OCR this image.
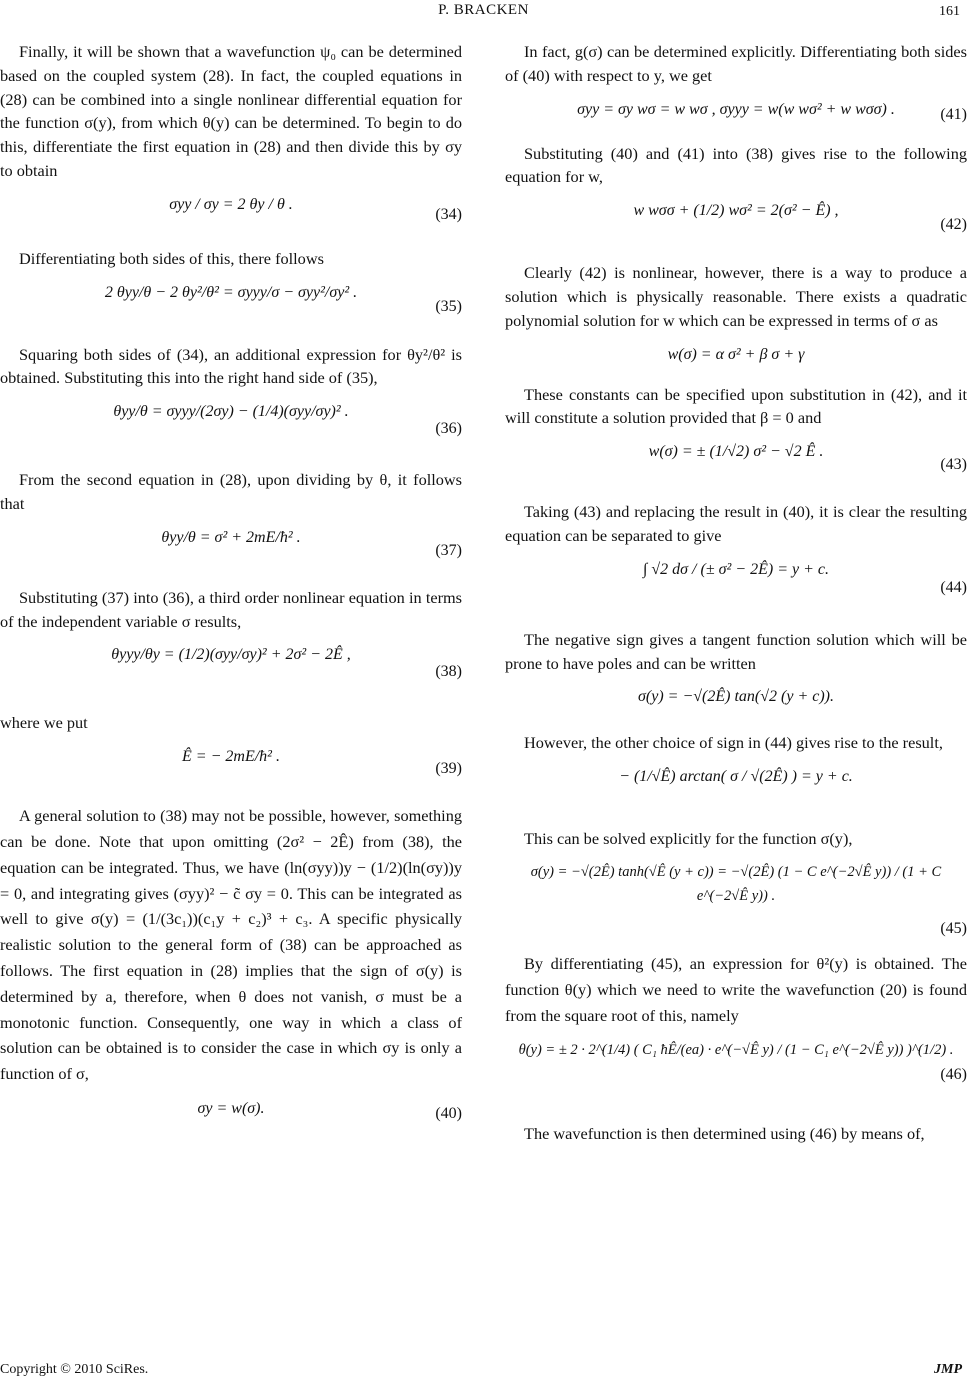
P. BRACKEN	161

Finally, it will be shown that a wavefunction ψ₀ can be determined based on the coupled system (28). In fact, the coupled equations in (28) can be combined into a single nonlinear differential equation for the function σ(y), from which θ(y) can be determined. To begin to do this, differentiate the first equation in (28) and then divide this by σy to obtain

σyy / σy = 2 θy / θ .
(34)

Differentiating both sides of this, there follows

2 θyy/θ − 2 θy²/θ² = σyyy/σ − σyy²/σy² .
(35)

Squaring both sides of (34), an additional expression for θy²/θ² is obtained. Substituting this into the right hand side of (35),

θyy/θ = σyyy/(2σy) − (1/4)(σyy/σy)² .
(36)

From the second equation in (28), upon dividing by θ, it follows that

θyy/θ = σ² + 2mE/ħ² .
(37)

Substituting (37) into (36), a third order nonlinear equation in terms of the independent variable σ results,

θyyy/θy = (1/2)(σyy/σy)² + 2σ² − 2Ê ,
(38)

where we put

Ê = − 2mE/ħ² .
(39)

A general solution to (38) may not be possible, however, something can be done. Note that upon omitting (2σ² − 2Ê) from (38), the equation can be integrated. Thus, we have (ln(σyy))y − (1/2)(ln(σy))y = 0, and integrating gives (σyy)² − c̃ σy = 0. This can be integrated as well to give σ(y) = (1/(3c₁))(c₁y + c₂)³ + c₃. A specific physically realistic solution to the general form of (38) can be approached as follows. The first equation in (28) implies that the sign of σ(y) is determined by a, therefore, when θ does not vanish, σ must be a monotonic function. Consequently, one way in which a class of solution can be obtained is to consider the case in which σy is only a function of σ,

σy = w(σ).	(40)

In fact, g(σ) can be determined explicitly. Differentiating both sides of (40) with respect to y, we get

σyy = σy wσ = w wσ , σyyy = w(w wσ² + w wσσ) .	(41)

Substituting (40) and (41) into (38) gives rise to the following equation for w,

w wσσ + (1/2) wσ² = 2(σ² − Ê) ,
(42)

Clearly (42) is nonlinear, however, there is a way to produce a solution which is physically reasonable. There exists a quadratic polynomial solution for w which can be expressed in terms of σ as

w(σ) = α σ² + β σ + γ

These constants can be specified upon substitution in (42), and it will constitute a solution provided that β = 0 and

w(σ) = ± (1/√2) σ² − √2 Ê .
(43)

Taking (43) and replacing the result in (40), it is clear the resulting equation can be separated to give

∫ √2 dσ / (± σ² − 2Ê) = y + c.
(44)

The negative sign gives a tangent function solution which will be prone to have poles and can be written

σ(y) = −√(2Ê) tan(√2 (y + c)).

However, the other choice of sign in (44) gives rise to the result,

− (1/√Ê) arctan( σ / √(2Ê) ) = y + c.

This can be solved explicitly for the function σ(y),

σ(y) = −√(2Ê) tanh(√Ê (y + c)) = −√(2Ê) (1 − C e^(−2√Ê y)) / (1 + C e^(−2√Ê y)) .
(45)

By differentiating (45), an expression for θ²(y) is obtained. The function θ(y) which we need to write the wavefunction (20) is found from the square root of this, namely

θ(y) = ± 2 · 2^(1/4) ( C₁ ħÊ/(ea) · e^(−√Ê y) / (1 − C₁ e^(−2√Ê y)) )^(1/2) .
(46)

The wavefunction is then determined using (46) by means of,

Copyright © 2010 SciRes.	JMP
